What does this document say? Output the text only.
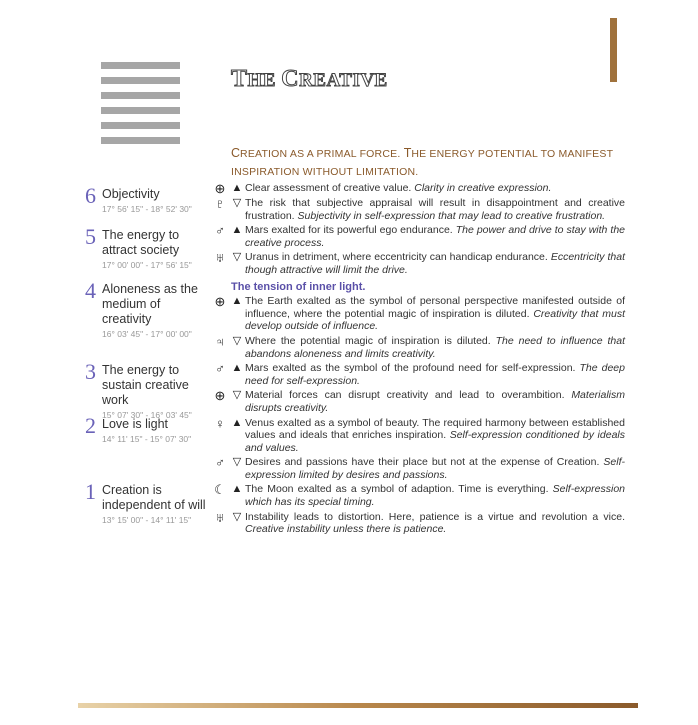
THE CREATIVE
CREATION AS A PRIMAL FORCE. THE ENERGY POTENTIAL TO MANIFEST
INSPIRATION WITHOUT LIMITATION.
6 Objectivity
17° 56' 15" - 18° 52' 30"
5 The energy to attract society
17° 00' 00" - 17° 56' 15"
4 Aloneness as the medium of creativity
16° 03' 45" - 17° 00' 00"
3 The energy to sustain creative work
15° 07' 30" - 16° 03' 45"
2 Love is light
14° 11' 15" - 15° 07' 30"
1 Creation is independent of will
13° 15' 00" - 14° 11' 15"
⊕ ▲ Clear assessment of creative value. Clarity in creative expression.
♇ ▽ The risk that subjective appraisal will result in disappointment and creative frustration. Subjectivity in self-expression that may lead to creative frustration.
♂ ▲ Mars exalted for its powerful ego endurance. The power and drive to stay with the creative process.
♅ ▽ Uranus in detriment, where eccentricity can handicap endurance. Eccentricity that though attractive will limit the drive.
The tension of inner light.
⊕ ▲ The Earth exalted as the symbol of personal perspective manifested outside of influence, where the potential magic of inspiration is diluted. Creativity that must develop outside of influence.
♃ ▽ Where the potential magic of inspiration is diluted. The need to influence that abandons aloneness and limits creativity.
♂ ▲ Mars exalted as the symbol of the profound need for self-expression. The deep need for self-expression.
⊕ ▽ Material forces can disrupt creativity and lead to overambition. Materialism disrupts creativity.
♀ ▲ Venus exalted as a symbol of beauty. The required harmony between established values and ideals that enriches inspiration. Self-expression conditioned by ideals and values.
♂ ▽ Desires and passions have their place but not at the expense of Creation. Self-expression limited by desires and passions.
☾ ▲ The Moon exalted as a symbol of adaption. Time is everything. Self-expression which has its special timing.
♅ ▽ Instability leads to distortion. Here, patience is a virtue and revolution a vice. Creative instability unless there is patience.
